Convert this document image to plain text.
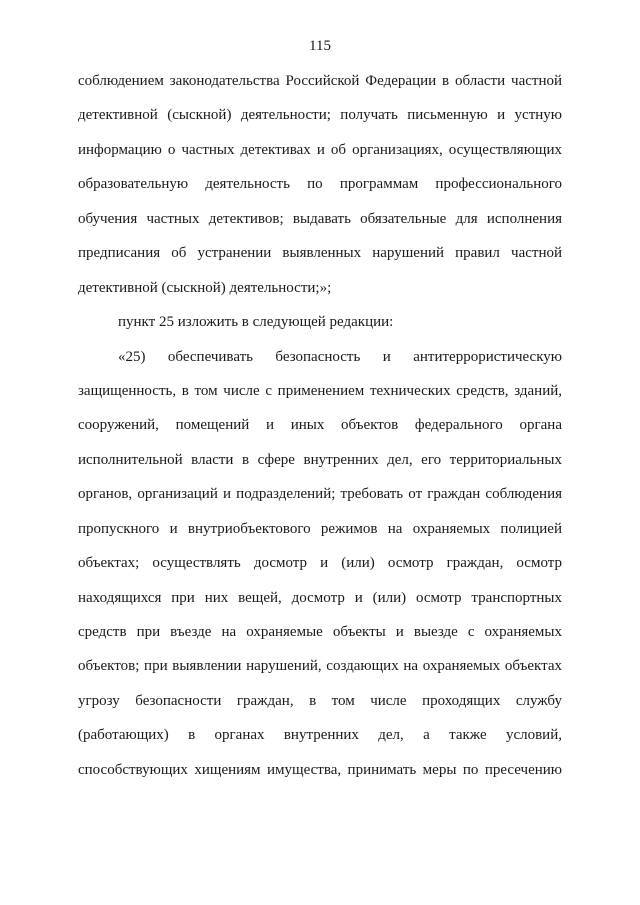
115
соблюдением законодательства Российской Федерации в области частной
детективной (сыскной) деятельности; получать письменную и устную
информацию о частных детективах и об организациях, осуществляющих
образовательную деятельность по программам профессионального
обучения частных детективов; выдавать обязательные для исполнения
предписания об устранении выявленных нарушений правил частной
детективной (сыскной) деятельности;»;
пункт 25 изложить в следующей редакции:
«25) обеспечивать безопасность и антитеррористическую
защищенность, в том числе с применением технических средств, зданий,
сооружений, помещений и иных объектов федерального органа
исполнительной власти в сфере внутренних дел, его территориальных
органов, организаций и подразделений; требовать от граждан соблюдения
пропускного и внутриобъектового режимов на охраняемых полицией
объектах; осуществлять досмотр и (или) осмотр граждан, осмотр
находящихся при них вещей, досмотр и (или) осмотр транспортных
средств при въезде на охраняемые объекты и выезде с охраняемых
объектов; при выявлении нарушений, создающих на охраняемых объектах
угрозу безопасности граждан, в том числе проходящих службу
(работающих) в органах внутренних дел, а также условий,
способствующих хищениям имущества, принимать меры по пресечению
